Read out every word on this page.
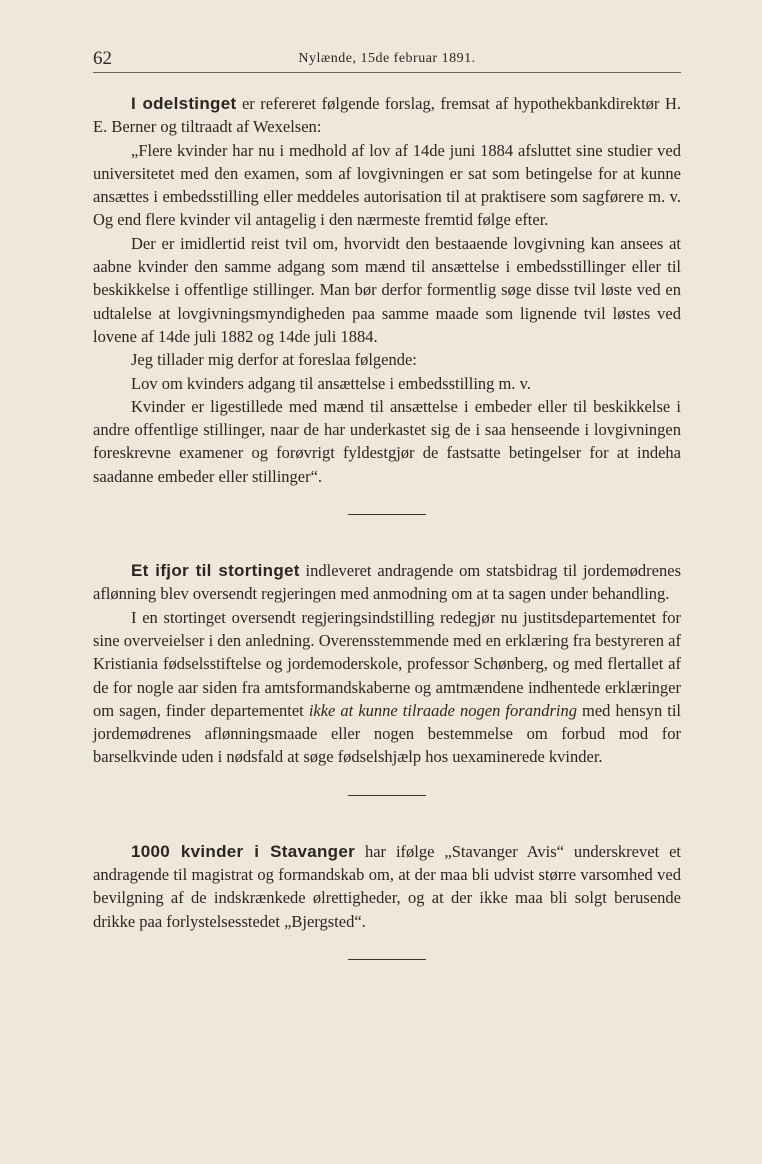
62	Nylænde, 15de februar 1891.

I odelstinget er refereret følgende forslag, fremsat af hypothekbankdirektør H. E. Berner og tiltraadt af Wexelsen:

„Flere kvinder har nu i medhold af lov af 14de juni 1884 afsluttet sine studier ved universitetet med den examen, som af lovgivningen er sat som betingelse for at kunne ansættes i embedsstilling eller meddeles autorisation til at praktisere som sagførere m. v. Og end flere kvinder vil antagelig i den nærmeste fremtid følge efter.

Der er imidlertid reist tvil om, hvorvidt den bestaaende lovgivning kan ansees at aabne kvinder den samme adgang som mænd til ansættelse i embedsstillinger eller til beskikkelse i offentlige stillinger. Man bør derfor formentlig søge disse tvil løste ved en udtalelse at lovgivningsmyndigheden paa samme maade som lignende tvil løstes ved lovene af 14de juli 1882 og 14de juli 1884.

Jeg tillader mig derfor at foreslaa følgende:

Lov om kvinders adgang til ansættelse i embedsstilling m. v.

Kvinder er ligestillede med mænd til ansættelse i embeder eller til beskikkelse i andre offentlige stillinger, naar de har underkastet sig de i saa henseende i lovgivningen foreskrevne examener og forøvrigt fyldestgjør de fastsatte betingelser for at indeha saadanne embeder eller stillinger“.

Et ifjor til stortinget indleveret andragende om statsbidrag til jordemødrenes aflønning blev oversendt regjeringen med anmodning om at ta sagen under behandling.

I en stortinget oversendt regjeringsindstilling redegjør nu justitsdepartementet for sine overveielser i den anledning. Overensstemmende med en erklæring fra bestyreren af Kristiania fødselsstiftelse og jordemoderskole, professor Schønberg, og med flertallet af de for nogle aar siden fra amtsformandskaberne og amtmændene indhentede erklæringer om sagen, finder departementet ikke at kunne tilraade nogen forandring med hensyn til jordemødrenes aflønningsmaade eller nogen bestemmelse om forbud mod for barselkvinde uden i nødsfald at søge fødselshjælp hos uexaminerede kvinder.

1000 kvinder i Stavanger har ifølge „Stavanger Avis“ underskrevet et andragende til magistrat og formandskab om, at der maa bli udvist større varsomhed ved bevilgning af de indskrænkede ølrettigheder, og at der ikke maa bli solgt berusende drikke paa forlystelsesstedet „Bjergsted“.
